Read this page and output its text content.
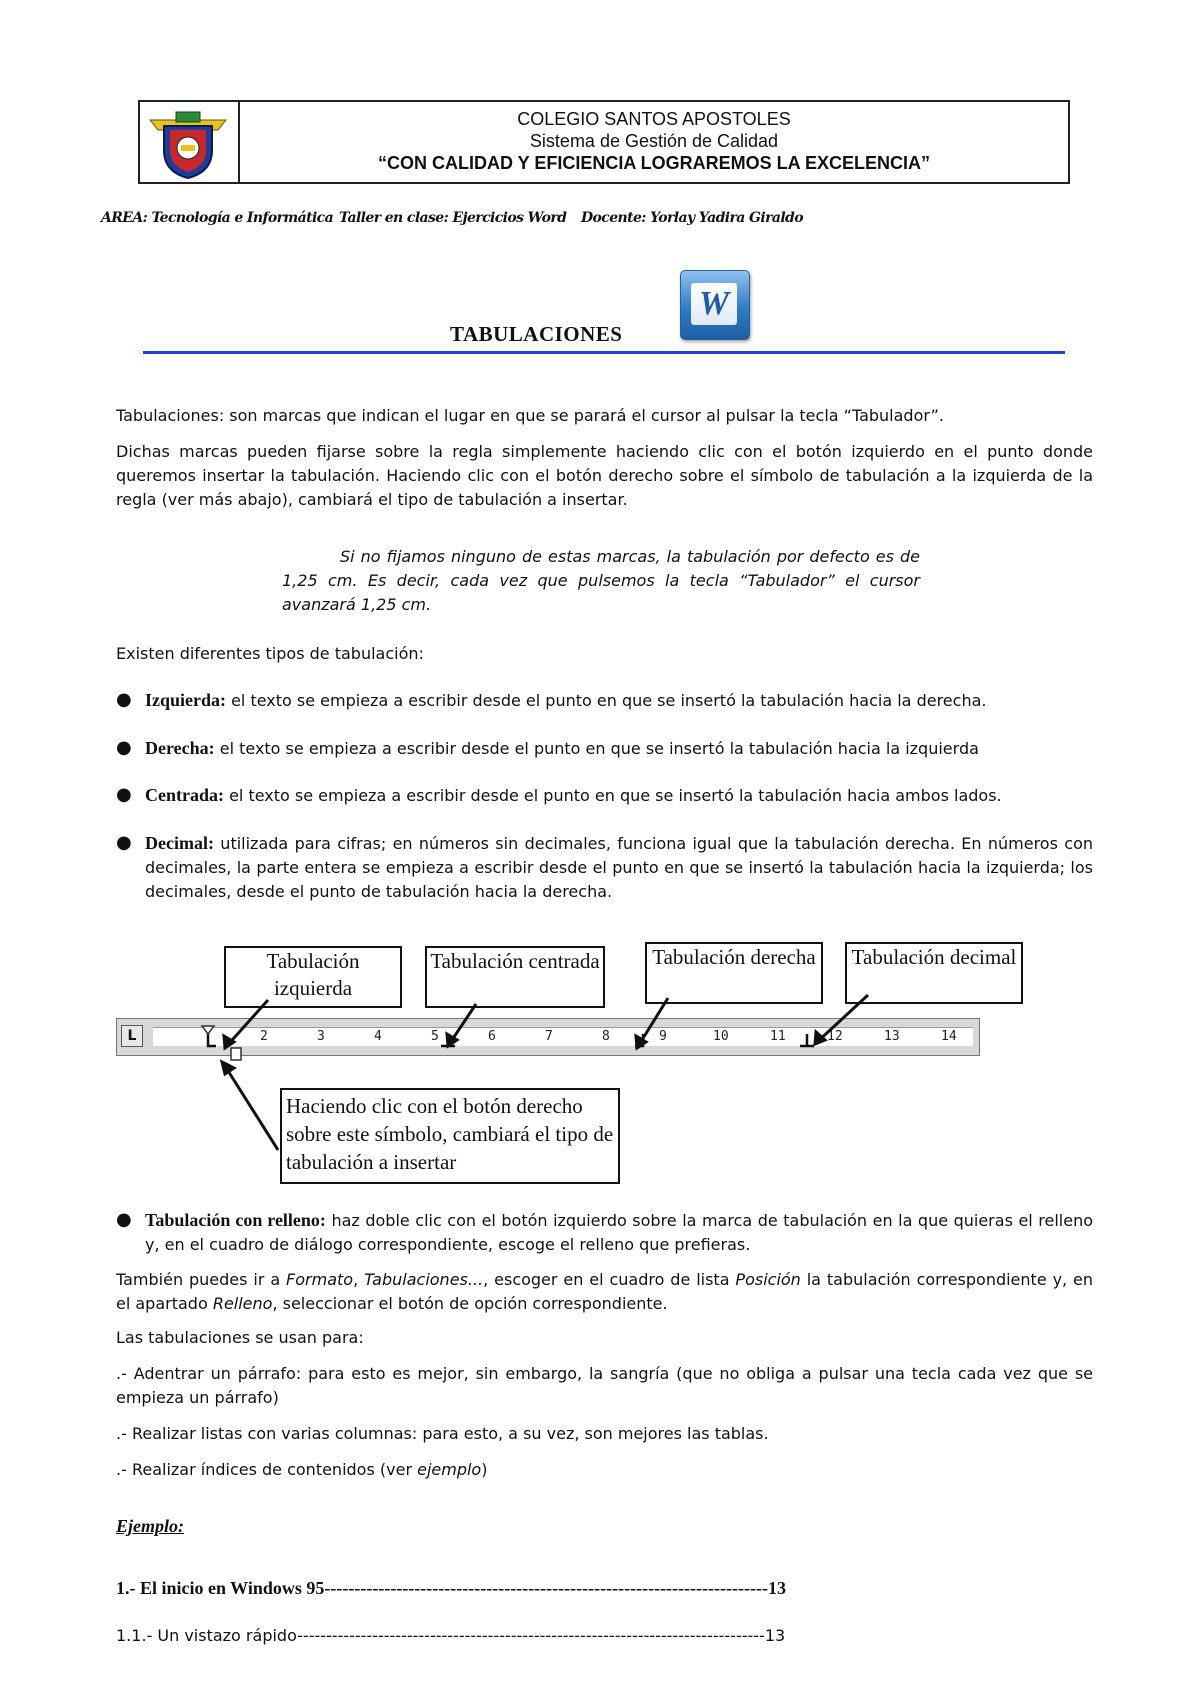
COLEGIO SANTOS APOSTOLES
Sistema de Gestión de Calidad
“CON CALIDAD Y EFICIENCIA LOGRAREMOS LA EXCELENCIA”
AREA: Tecnología e Informática Taller en clase: Ejercicios Word Docente: Yorlay Yadira Giraldo
TABULACIONES
W
Tabulaciones: son marcas que indican el lugar en que se parará el cursor al pulsar la tecla “Tabulador”.
Dichas marcas pueden fijarse sobre la regla simplemente haciendo clic con el botón izquierdo en el punto donde queremos insertar la tabulación. Haciendo clic con el botón derecho sobre el símbolo de tabulación a la izquierda de la regla (ver más abajo), cambiará el tipo de tabulación a insertar.
Si no fijamos ninguno de estas marcas, la tabulación por defecto es de 1,25 cm. Es decir, cada vez que pulsemos la tecla “Tabulador” el cursor avanzará 1,25 cm.
Existen diferentes tipos de tabulación:
● Izquierda: el texto se empieza a escribir desde el punto en que se insertó la tabulación hacia la derecha.
● Derecha: el texto se empieza a escribir desde el punto en que se insertó la tabulación hacia la izquierda
● Centrada: el texto se empieza a escribir desde el punto en que se insertó la tabulación hacia ambos lados.
● Decimal: utilizada para cifras; en números sin decimales, funciona igual que la tabulación derecha. En números con decimales, la parte entera se empieza a escribir desde el punto en que se insertó la tabulación hacia la izquierda; los decimales, desde el punto de tabulación hacia la derecha.
Tabulación izquierda
Tabulación centrada	Tabulación derecha	Tabulación decimal
L	2	3	4	5	6	7	8	9	10	11	12	13	14
Haciendo clic con el botón derecho sobre este símbolo, cambiará el tipo de tabulación a insertar
● Tabulación con relleno: haz doble clic con el botón izquierdo sobre la marca de tabulación en la que quieras el relleno y, en el cuadro de diálogo correspondiente, escoge el relleno que prefieras.
También puedes ir a Formato, Tabulaciones..., escoger en el cuadro de lista Posición la tabulación correspondiente y, en el apartado Relleno, seleccionar el botón de opción correspondiente.
Las tabulaciones se usan para:
.- Adentrar un párrafo: para esto es mejor, sin embargo, la sangría (que no obliga a pulsar una tecla cada vez que se empieza un párrafo)
.- Realizar listas con varias columnas: para esto, a su vez, son mejores las tablas.
.- Realizar índices de contenidos (ver ejemplo)
Ejemplo:
1.- El inicio en Windows 95--------------------------------------------------------------------------13
1.1.- Un vistazo rápido---------------------------------------------------------------------------------13
